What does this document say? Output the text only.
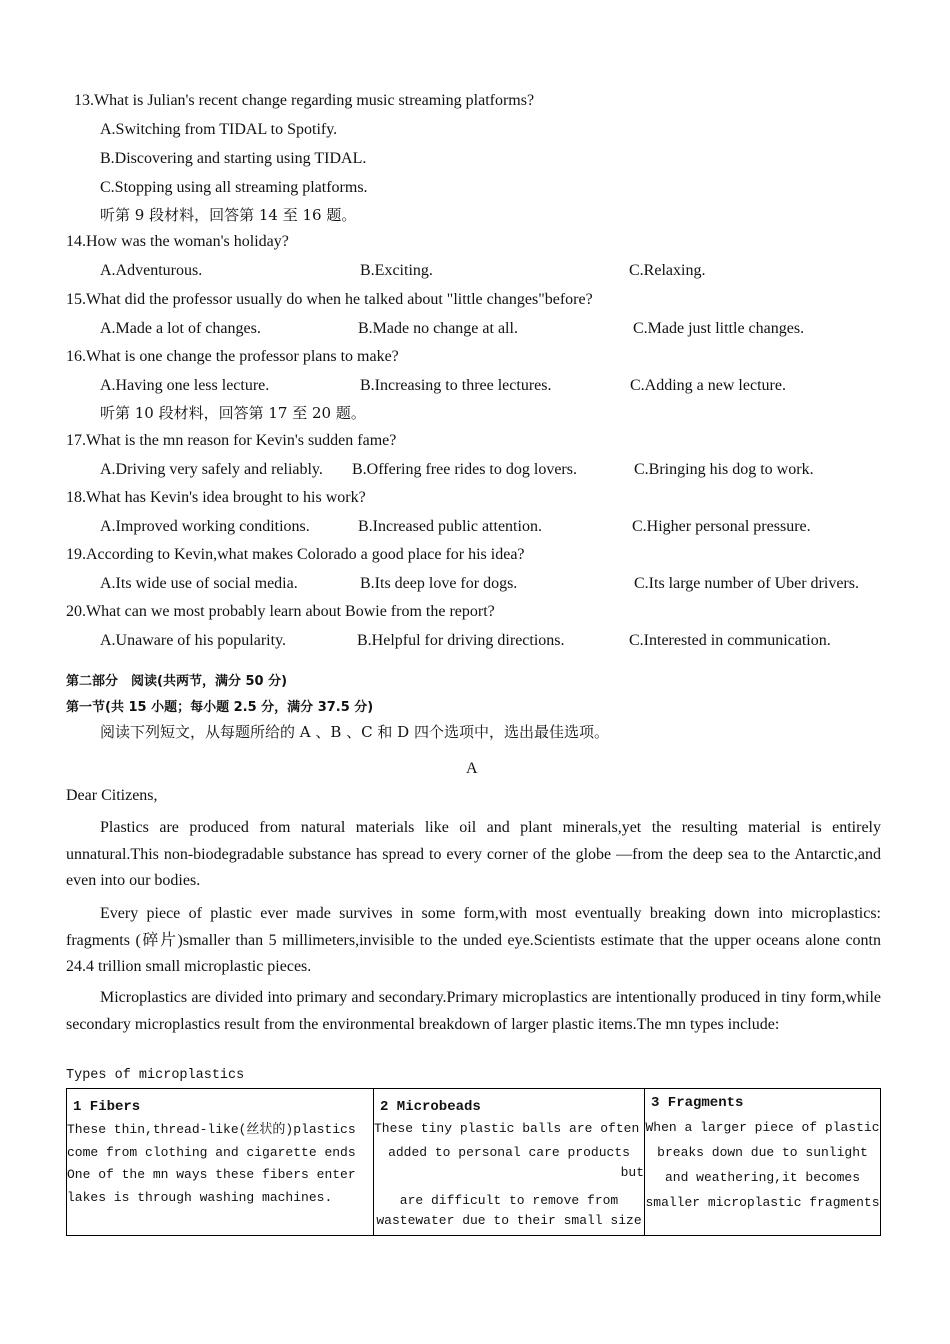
13.What is Julian's recent change regarding music streaming platforms?
A.Switching from TIDAL to Spotify.
B.Discovering and starting using TIDAL.
C.Stopping using all streaming platforms.
听第 9 段材料，回答第 14 至 16 题。
14.How was the woman's holiday?
A.Adventurous.	B.Exciting.	C.Relaxing.
15.What did the professor usually do when he talked about "little changes"before?
A.Made a lot of changes.	B.Made no change at all.	C.Made just little changes.
16.What is one change the professor plans to make?
A.Having one less lecture.	B.Increasing to three lectures.	C.Adding a new lecture.
听第 10 段材料，回答第 17 至 20 题。
17.What is the mn reason for Kevin's sudden fame?
A.Driving very safely and reliably. B.Offering free rides to dog lovers.	C.Bringing his dog to work.
18.What has Kevin's idea brought to his work?
A.Improved working conditions.	B.Increased public attention.	C.Higher personal pressure.
19.According to Kevin,what makes Colorado a good place for his idea?
A.Its wide use of social media.	B.Its deep love for dogs.	C.Its large number of Uber drivers.
20.What can we most probably learn about Bowie from the report?
A.Unaware of his popularity.	B.Helpful for driving directions.	C.Interested in communication.
第二部分　阅读(共两节，满分 50 分)
第一节(共 15 小题；每小题 2.5 分，满分 37.5 分)
阅读下列短文，从每题所给的 A 、B 、C 和 D 四个选项中，选出最佳选项。
A
Dear Citizens,
Plastics are produced from natural materials like oil and plant minerals,yet the resulting material is entirely unnatural.This non-biodegradable substance has spread to every corner of the globe —from the deep sea to the Antarctic,and even into our bodies.
Every piece of plastic ever made survives in some form,with most eventually breaking down into microplastics: fragments (碎片)smaller than 5 millimeters,invisible to the unded eye.Scientists estimate that the upper oceans alone contn 24.4 trillion small microplastic pieces.
Microplastics are divided into primary and secondary.Primary microplastics are intentionally produced in tiny form,while secondary microplastics result from the environmental breakdown of larger plastic items.The mn types include:
Types of microplastics
1 Fibers
These thin,thread-like(丝状的)plastics
come from clothing and cigarette ends
One of the mn ways these fibers enter
lakes is through washing machines.

2 Microbeads
These tiny plastic balls are often
added to personal care products
but
are difficult to remove from
wastewater due to their small size

3 Fragments
When a larger piece of plastic
breaks down due to sunlight
and weathering,it becomes
smaller microplastic fragments
